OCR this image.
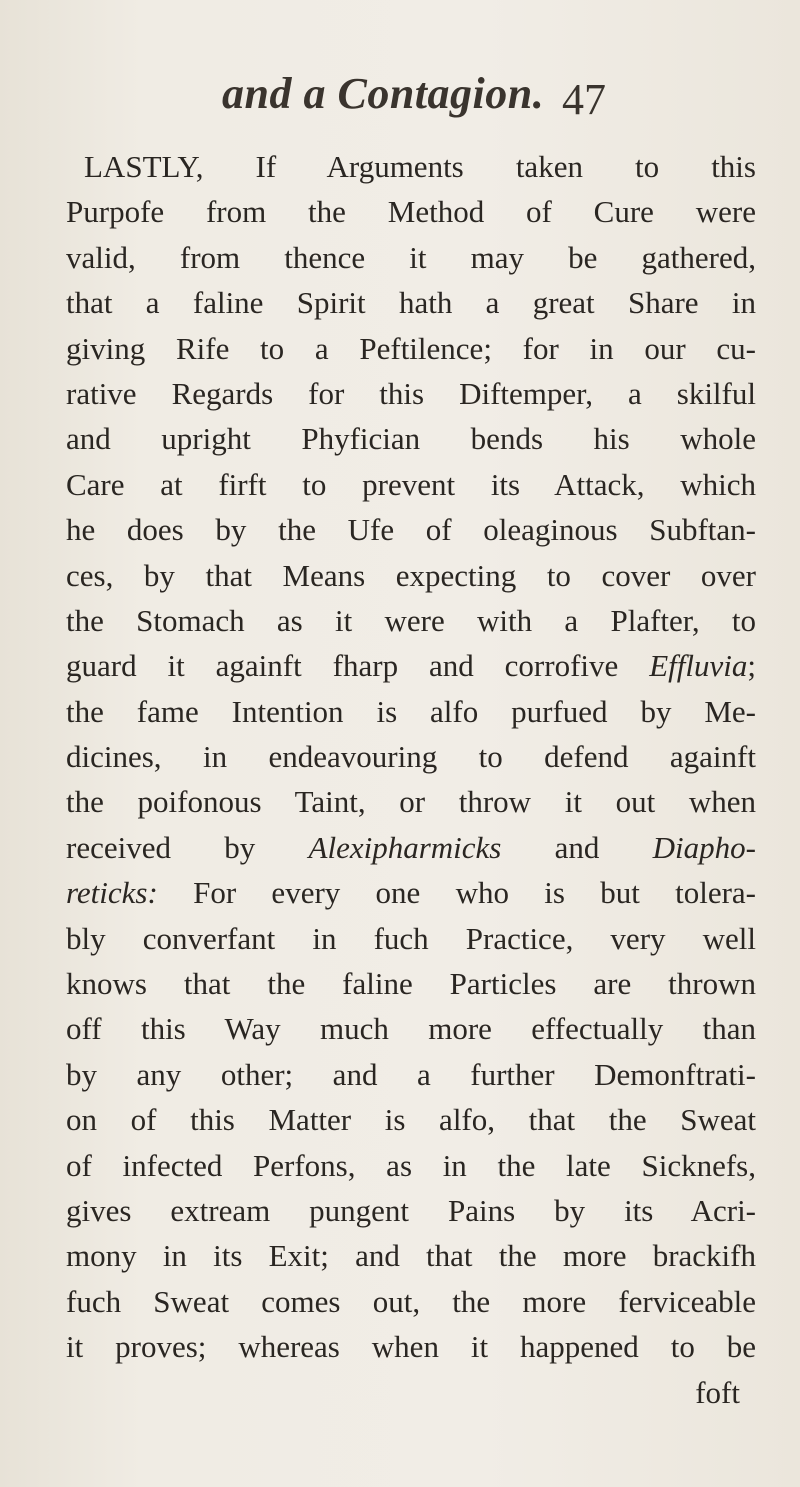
and a Contagion. 47
LASTLY, If Arguments taken to this
Purpofe from the Method of Cure were
valid, from thence it may be gathered,
that a faline Spirit hath a great Share in
giving Rife to a Peftilence; for in our cu-
rative Regards for this Diftemper, a skilful
and upright Phyfician bends his whole
Care at firft to prevent its Attack, which
he does by the Ufe of oleaginous Subftan-
ces, by that Means expecting to cover over
the Stomach as it were with a Plafter, to
guard it againft fharp and corrofive Effluvia;
the fame Intention is alfo purfued by Me-
dicines, in endeavouring to defend againft
the poifonous Taint, or throw it out when
received by Alexipharmicks and Diapho-
reticks: For every one who is but tolera-
bly converfant in fuch Practice, very well
knows that the faline Particles are thrown
off this Way much more effectually than
by any other; and a further Demonftrati-
on of this Matter is alfo, that the Sweat
of infected Perfons, as in the late Sicknefs,
gives extream pungent Pains by its Acri-
mony in its Exit; and that the more brackifh
fuch Sweat comes out, the more ferviceable
it proves; whereas when it happened to be
foft
